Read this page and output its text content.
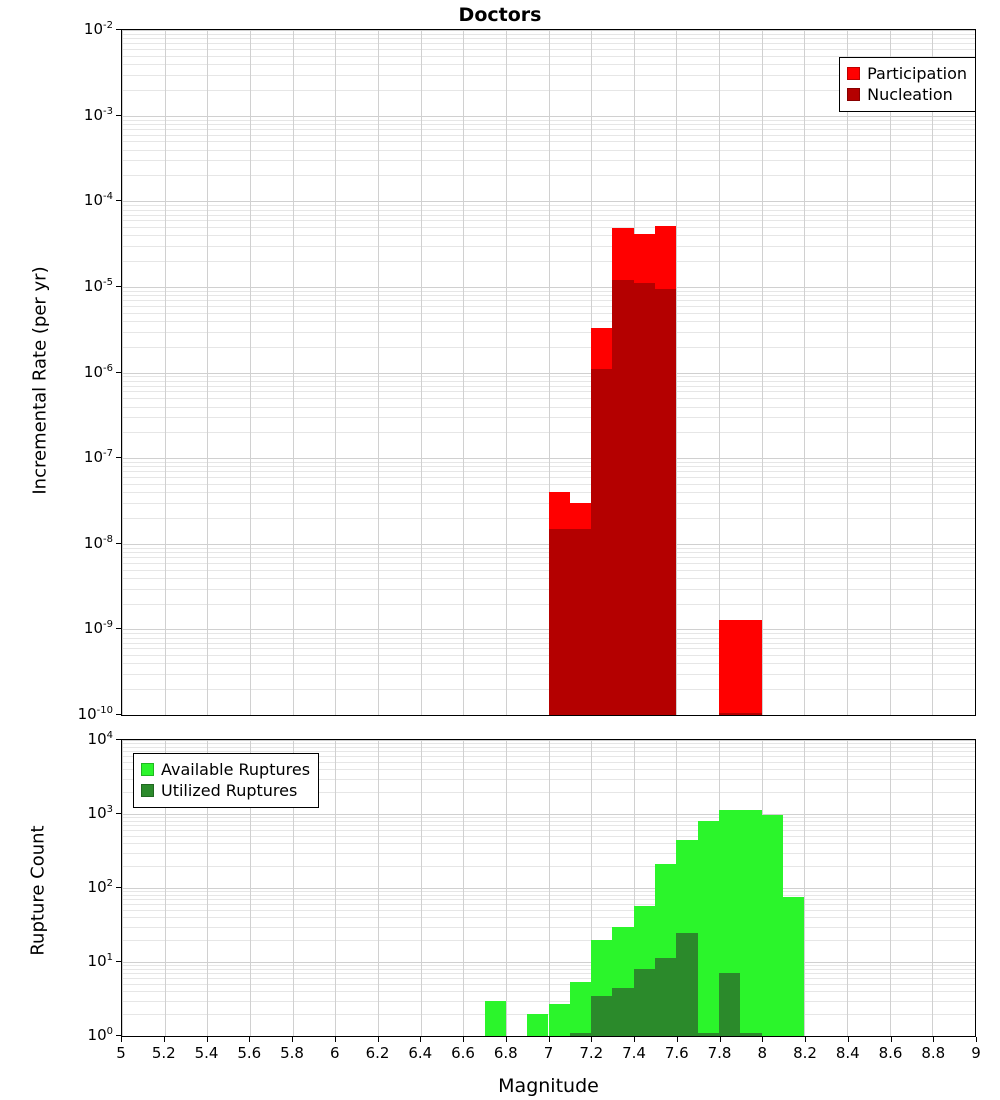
Doctors
Incremental Rate (per yr)
$10^{-2}$
$10^{-3}$
$10^{-4}$
$10^{-5}$
$10^{-6}$
$10^{-7}$
$10^{-8}$
$10^{-9}$
$10^{-10}$
Participation
Nucleation
Rupture Count
$10^4$
$10^3$
$10^2$
$10^1$
$10^0$
5 5.2 5.4 5.6 5.8 6 6.2 6.4 6.6 6.8 7 7.2 7.4 7.6 7.8 8 8.2 8.4 8.6 8.8 9
Magnitude
Available Ruptures
Utilized Ruptures
